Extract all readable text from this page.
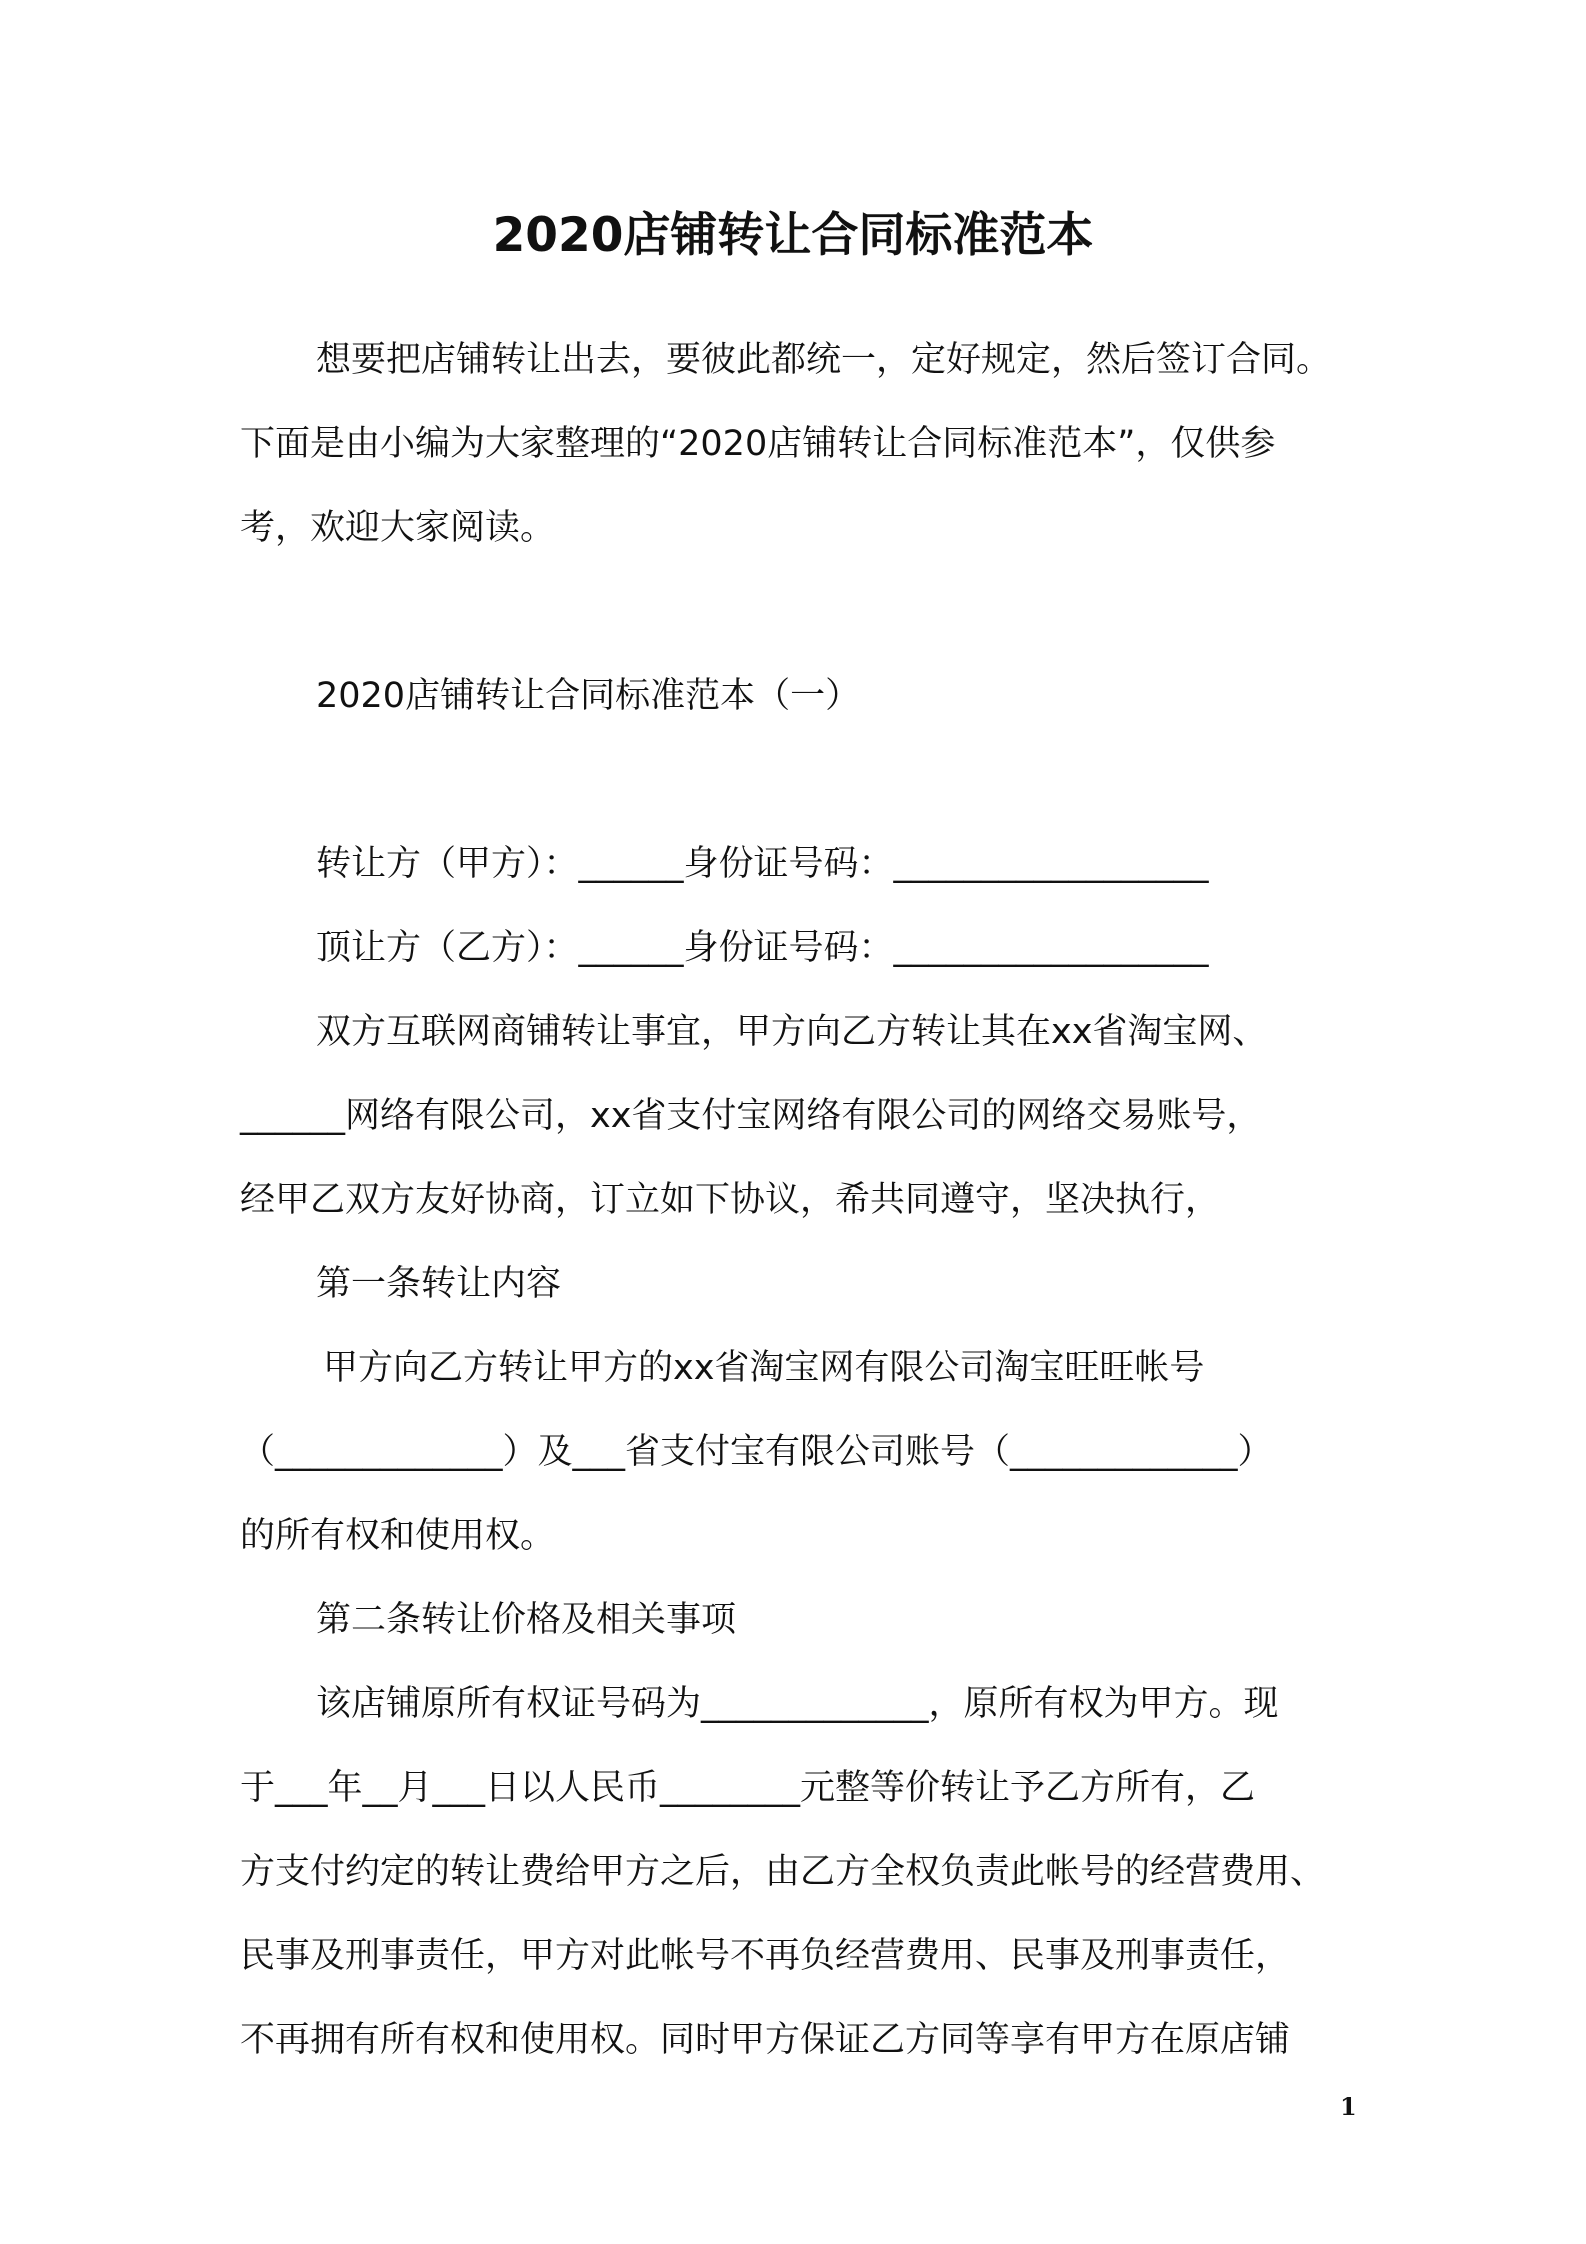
2020店铺转让合同标准范本

想要把店铺转让出去，要彼此都统一，定好规定，然后签订合同。

下面是由小编为大家整理的“2020店铺转让合同标准范本”，仅供参

考，欢迎大家阅读。

2020店铺转让合同标准范本（一）

转让方（甲方）：______身份证号码：__________________

顶让方（乙方）：______身份证号码：__________________

双方互联网商铺转让事宜，甲方向乙方转让其在xx省淘宝网、

______网络有限公司，xx省支付宝网络有限公司的网络交易账号，

经甲乙双方友好协商，订立如下协议，希共同遵守，坚决执行，

第一条转让内容

甲方向乙方转让甲方的xx省淘宝网有限公司淘宝旺旺帐号

（_____________）及___省支付宝有限公司账号（_____________）

的所有权和使用权。

第二条转让价格及相关事项

该店铺原所有权证号码为_____________，原所有权为甲方。现

于___年__月___日以人民币________元整等价转让予乙方所有，乙

方支付约定的转让费给甲方之后，由乙方全权负责此帐号的经营费用、

民事及刑事责任，甲方对此帐号不再负经营费用、民事及刑事责任，

不再拥有所有权和使用权。同时甲方保证乙方同等享有甲方在原店铺

1
